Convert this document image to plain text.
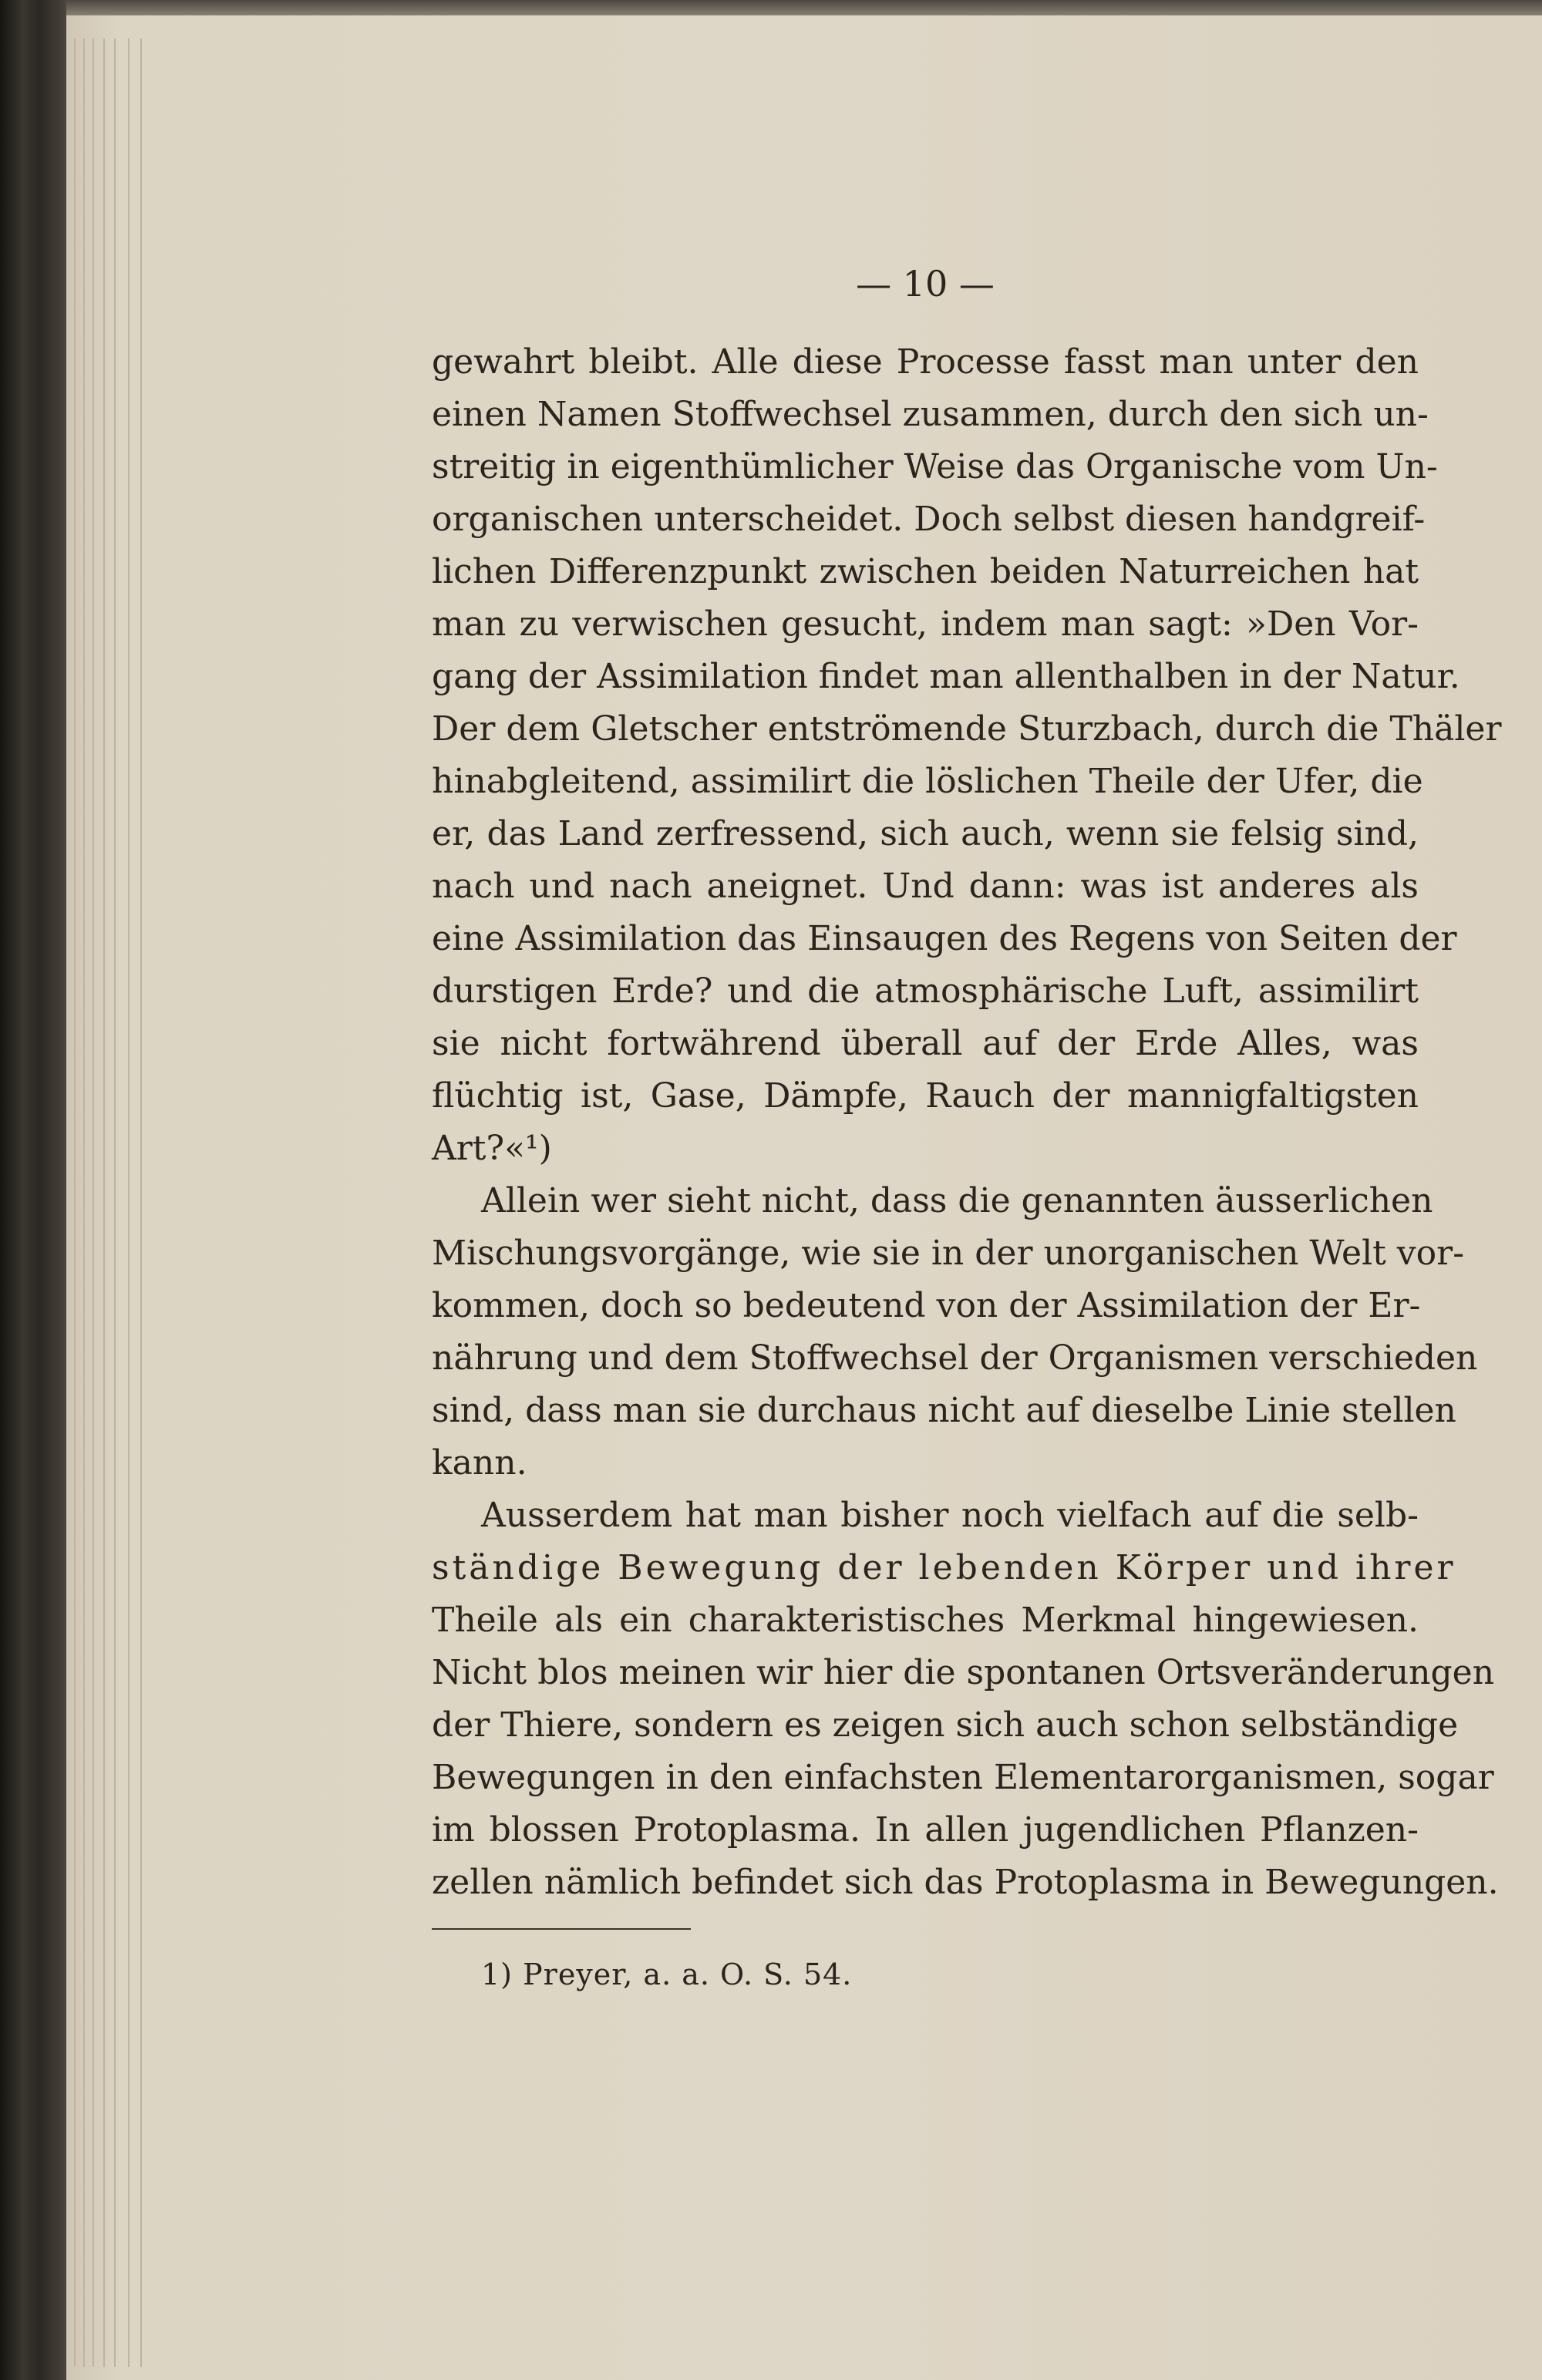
— 10 —
gewahrt bleibt. Alle diese Processe fasst man unter den
einen Namen Stoffwechsel zusammen, durch den sich un-
streitig in eigenthümlicher Weise das Organische vom Un-
organischen unterscheidet. Doch selbst diesen handgreif-
lichen Differenzpunkt zwischen beiden Naturreichen hat
man zu verwischen gesucht, indem man sagt: »Den Vor-
gang der Assimilation findet man allenthalben in der Natur.
Der dem Gletscher entströmende Sturzbach, durch die Thäler
hinabgleitend, assimilirt die löslichen Theile der Ufer, die
er, das Land zerfressend, sich auch, wenn sie felsig sind,
nach und nach aneignet. Und dann: was ist anderes als
eine Assimilation das Einsaugen des Regens von Seiten der
durstigen Erde? und die atmosphärische Luft, assimilirt
sie nicht fortwährend überall auf der Erde Alles, was
flüchtig ist, Gase, Dämpfe, Rauch der mannigfaltigsten
Art?«¹)
Allein wer sieht nicht, dass die genannten äusserlichen
Mischungsvorgänge, wie sie in der unorganischen Welt vor-
kommen, doch so bedeutend von der Assimilation der Er-
nährung und dem Stoffwechsel der Organismen verschieden
sind, dass man sie durchaus nicht auf dieselbe Linie stellen
kann.
Ausserdem hat man bisher noch vielfach auf die selb-
ständige Bewegung der lebenden Körper und ihrer
Theile als ein charakteristisches Merkmal hingewiesen.
Nicht blos meinen wir hier die spontanen Ortsveränderungen
der Thiere, sondern es zeigen sich auch schon selbständige
Bewegungen in den einfachsten Elementarorganismen, sogar
im blossen Protoplasma. In allen jugendlichen Pflanzen-
zellen nämlich befindet sich das Protoplasma in Bewegungen.
1) Preyer, a. a. O. S. 54.
